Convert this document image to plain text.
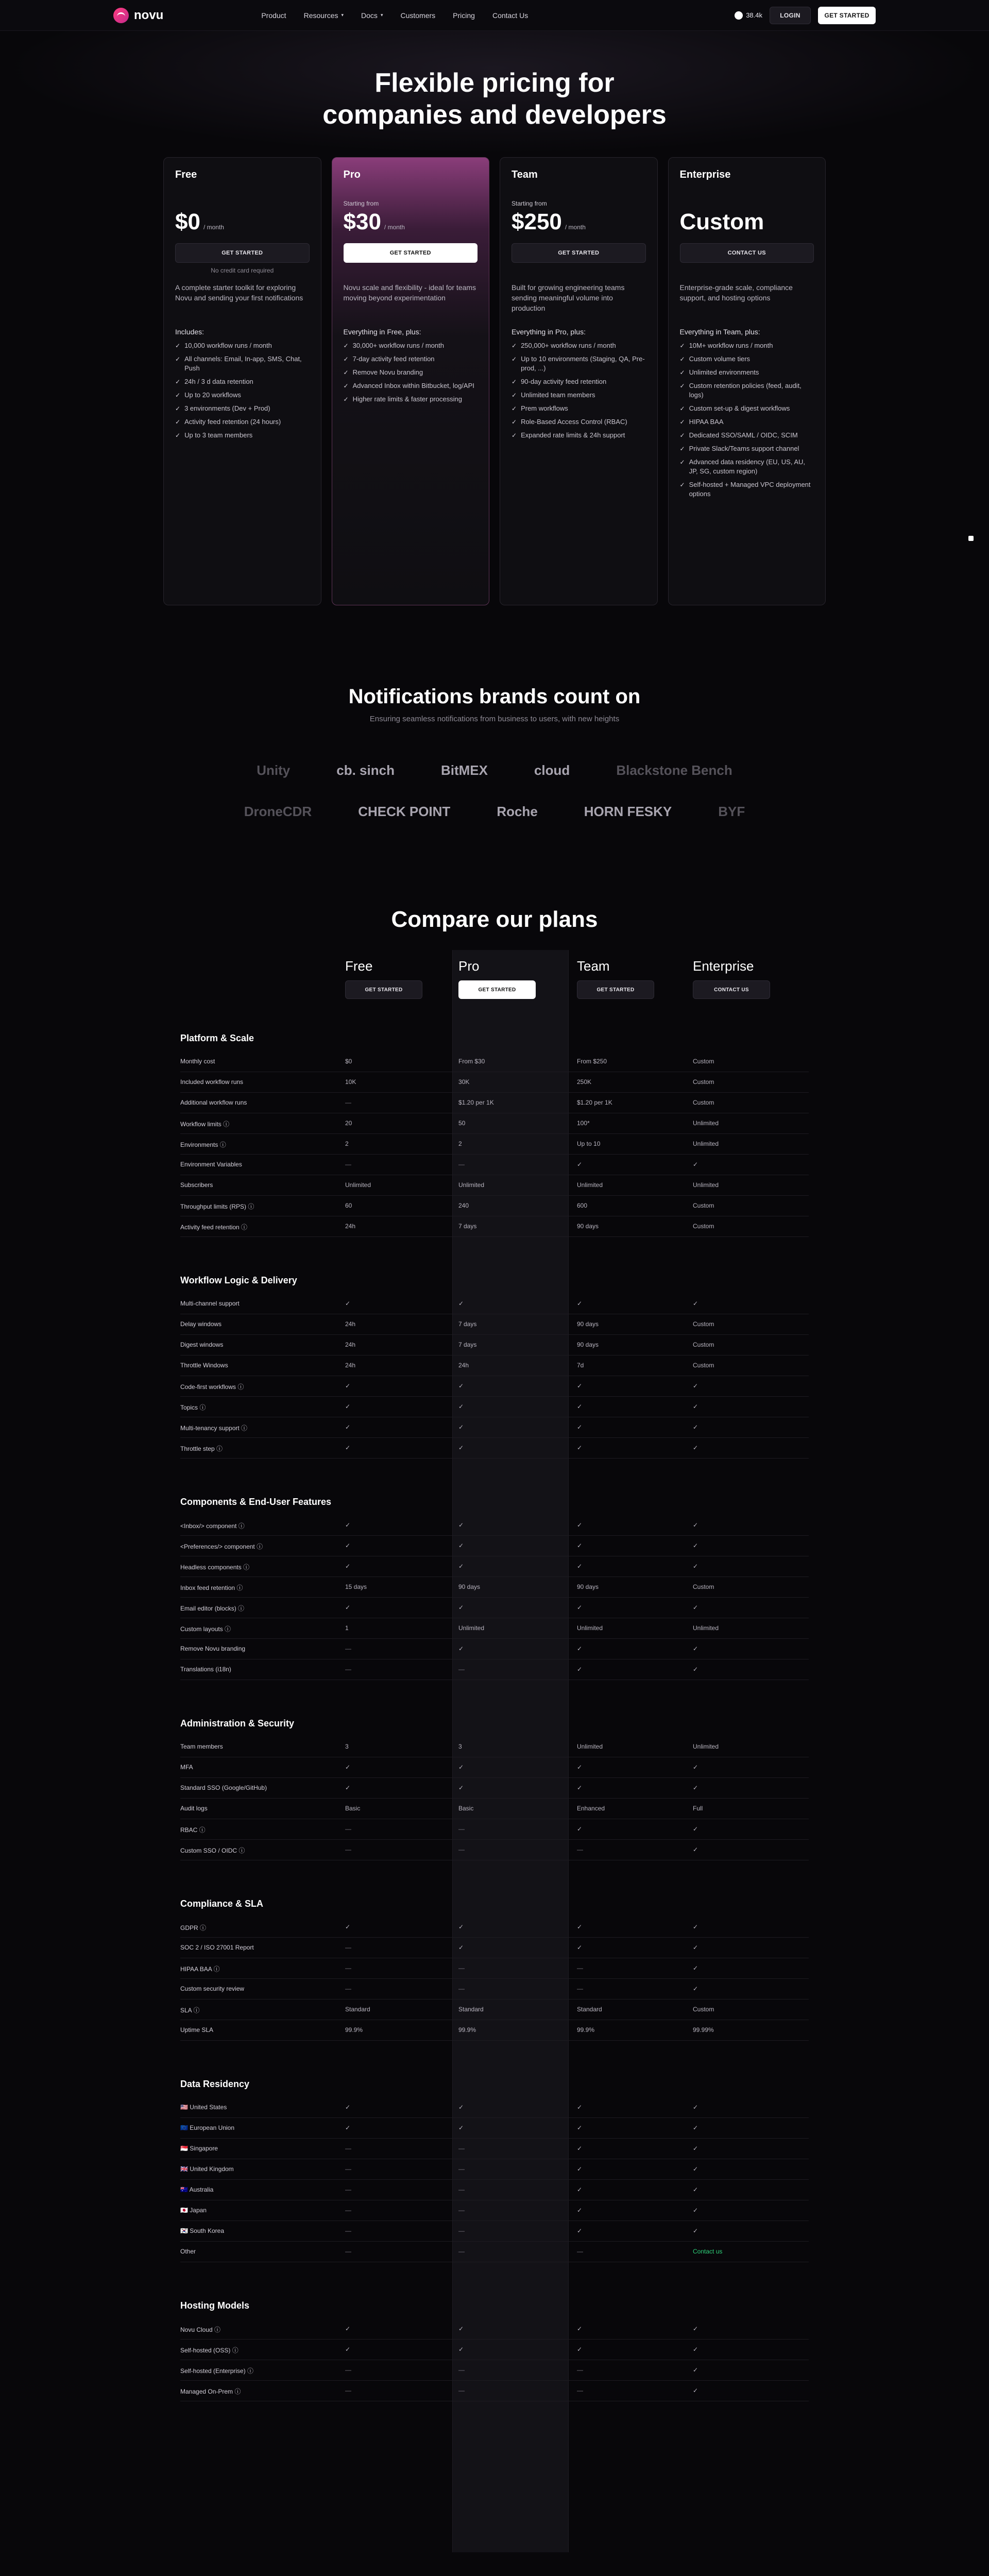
novu	Product Resources ▾ Docs ▾ Customers Pricing Contact Us	38.4k	LOGIN	GET STARTED
Flexible pricing for
companies and developers
Free
$0 / month
GET STARTED
No credit card required
A complete starter toolkit for exploring Novu and sending your first notifications
Includes:
✓ 10,000 workflow runs / month
✓ All channels: Email, In-app, SMS, Chat, Push
✓ 24h / 3 d data retention
✓ Up to 20 workflows
✓ 3 environments (Dev + Prod)
✓ Activity feed retention (24 hours)
✓ Up to 3 team members
Pro
Starting from
$30 / month
GET STARTED
Novu scale and flexibility - ideal for teams moving beyond experimentation
Everything in Free, plus:
✓ 30,000+ workflow runs / month
✓ 7-day activity feed retention
✓ Remove Novu branding
✓ Advanced Inbox within Bitbucket, log/API
✓ Higher rate limits & faster processing
Team
Starting from
$250 / month
GET STARTED
Built for growing engineering teams sending meaningful volume into production
Everything in Pro, plus:
✓ 250,000+ workflow runs / month
✓ Up to 10 environments (Staging, QA, Pre-prod, ...)
✓ 90-day activity feed retention
✓ Unlimited team members
✓ Prem workflows
✓ Role-Based Access Control (RBAC)
✓ Expanded rate limits & 24h support
Enterprise
Custom
CONTACT US
Enterprise-grade scale, compliance support, and hosting options
Everything in Team, plus:
✓ 10M+ workflow runs / month
✓ Custom volume tiers
✓ Unlimited environments
✓ Custom retention policies (feed, audit, logs)
✓ Custom set-up & digest workflows
✓ HIPAA BAA
✓ Dedicated SSO/SAML / OIDC, SCIM
✓ Private Slack/Teams support channel
✓ Advanced data residency (EU, US, AU, JP, SG, custom region)
✓ Self-hosted + Managed VPC deployment options
Notifications brands count on

Ensuring seamless notifications from business to users, with new heights

Unity	cb. sinch	BitMEX	cloud	Blackstone Bench
DroneCDR	CHECK POINT	Roche	HORN FESKY	BYF
Compare our plans
Free
GET STARTED
Pro
GET STARTED
Team
GET STARTED
Enterprise
CONTACT US
Platform & Scale
Monthly cost	$0	From $30	From $250	Custom
Included workflow runs	10K	30K	250K	Custom
Additional workflow runs	—	$1.20 per 1K	$1.20 per 1K	Custom
Workflow limits ⓘ	20	50	100*	Unlimited
Environments ⓘ	2	2	Up to 10	Unlimited
Environment Variables	—	—	✓	✓
Subscribers	Unlimited	Unlimited	Unlimited	Unlimited
Throughput limits (RPS) ⓘ	60	240	600	Custom
Activity feed retention ⓘ	24h	7 days	90 days	Custom
Workflow Logic & Delivery
Multi-channel support	✓	✓	✓	✓
Delay windows	24h	7 days	90 days	Custom
Digest windows	24h	7 days	90 days	Custom
Throttle Windows	24h	24h	7d	Custom
Code-first workflows ⓘ	✓	✓	✓	✓
Topics ⓘ	✓	✓	✓	✓
Multi-tenancy support ⓘ	✓	✓	✓	✓
Throttle step ⓘ	✓	✓	✓	✓
Components & End-User Features
<Inbox/> component ⓘ	✓	✓	✓	✓
<Preferences/> component ⓘ	✓	✓	✓	✓
Headless components ⓘ	✓	✓	✓	✓
Inbox feed retention ⓘ	15 days	90 days	90 days	Custom
Email editor (blocks) ⓘ	✓	✓	✓	✓
Custom layouts ⓘ	1	Unlimited	Unlimited	Unlimited
Remove Novu branding	—	✓	✓	✓
Translations (i18n)	—	—	✓	✓
Administration & Security
Team members	3	3	Unlimited	Unlimited
MFA	✓	✓	✓	✓
Standard SSO (Google/GitHub)	✓	✓	✓	✓
Audit logs	Basic	Basic	Enhanced	Full
RBAC ⓘ	—	—	✓	✓
Custom SSO / OIDC ⓘ	—	—	—	✓
Compliance & SLA
GDPR ⓘ	✓	✓	✓	✓
SOC 2 / ISO 27001 Report	—	✓	✓	✓
HIPAA BAA ⓘ	—	—	—	✓
Custom security review	—	—	—	✓
SLA ⓘ	Standard	Standard	Standard	Custom
Uptime SLA	99.9%	99.9%	99.9%	99.99%
Data Residency
🇺🇸 United States	✓	✓	✓	✓
🇪🇺 European Union	✓	✓	✓	✓
🇸🇬 Singapore	—	—	✓	✓
🇬🇧 United Kingdom	—	—	✓	✓
🇦🇺 Australia	—	—	✓	✓
🇯🇵 Japan	—	—	✓	✓
🇰🇷 South Korea	—	—	✓	✓
Other	—	—	—	Contact us
Hosting Models
Novu Cloud ⓘ	✓	✓	✓	✓
Self-hosted (OSS) ⓘ	✓	✓	✓	✓
Self-hosted (Enterprise) ⓘ	—	—	—	✓
Managed On-Prem ⓘ	—	—	—	✓
